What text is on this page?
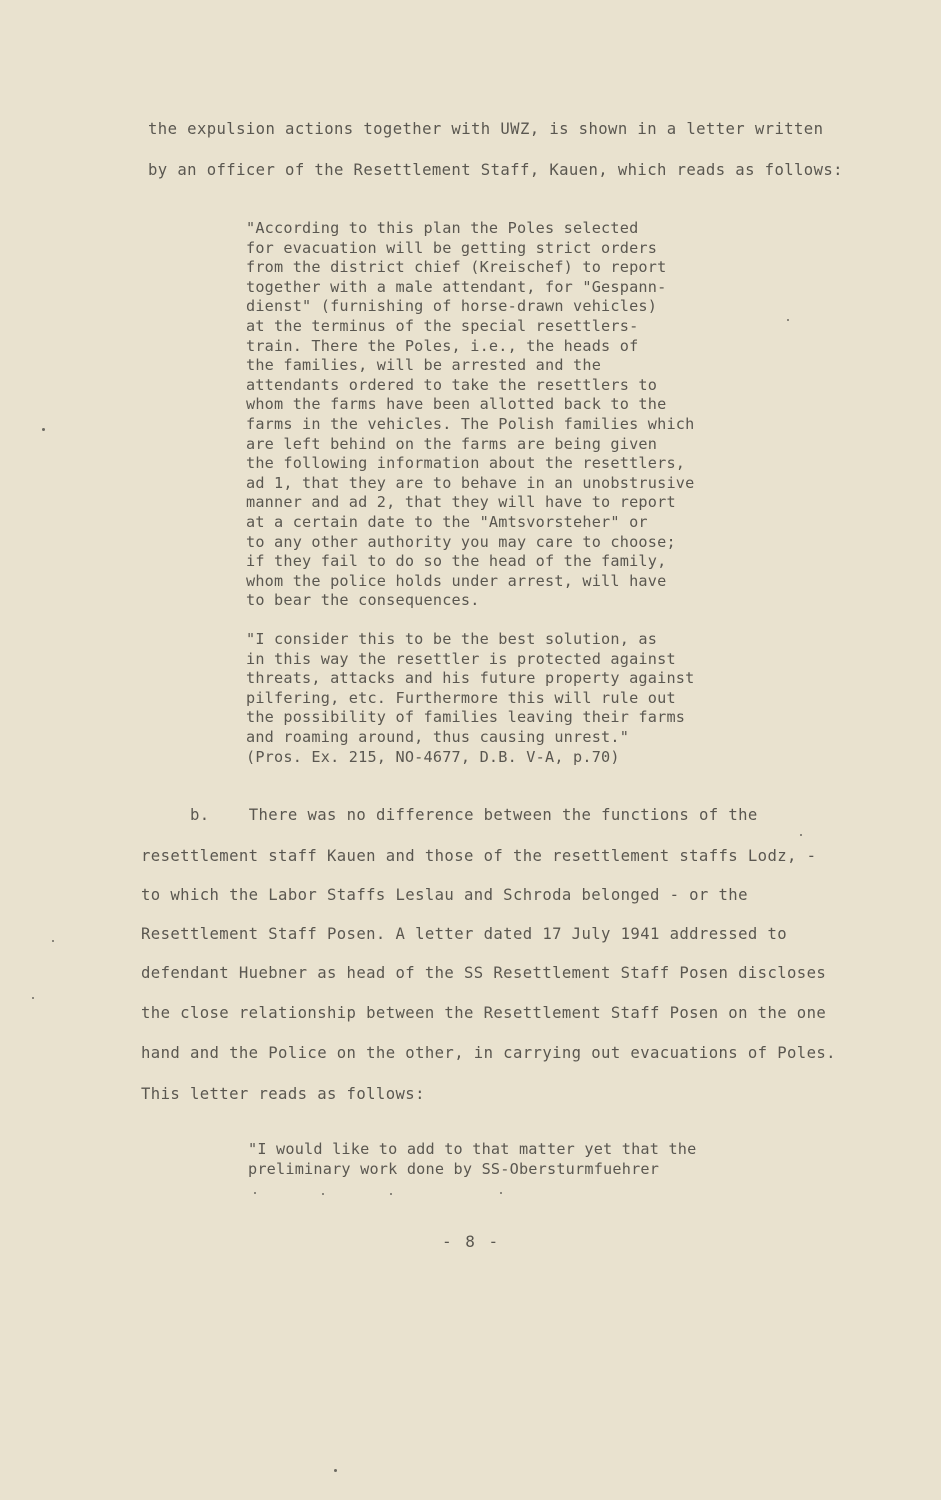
the expulsion actions together with UWZ, is shown in a letter written
by an officer of the Resettlement Staff, Kauen, which reads as follows:
"According to this plan the Poles selected
for evacuation will be getting strict orders
from the district chief (Kreischef) to report
together with a male attendant, for "Gespann-
dienst" (furnishing of horse-drawn vehicles)
at the terminus of the special resettlers-
train. There the Poles, i.e., the heads of
the families, will be arrested and the
attendants ordered to take the resettlers to
whom the farms have been allotted back to the
farms in the vehicles. The Polish families which
are left behind on the farms are being given
the following information about the resettlers,
ad 1, that they are to behave in an unobstrusive
manner and ad 2, that they will have to report
at a certain date to the "Amtsvorsteher" or
to any other authority you may care to choose;
if they fail to do so the head of the family,
whom the police holds under arrest, will have
to bear the consequences.
"I consider this to be the best solution, as
in this way the resettler is protected against
threats, attacks and his future property against
pilfering, etc. Furthermore this will rule out
the possibility of families leaving their farms
and roaming around, thus causing unrest."
(Pros. Ex. 215, NO-4677, D.B. V-A, p.70)
b.    There was no difference between the functions of the
resettlement staff Kauen and those of the resettlement staffs Lodz, -
to which the Labor Staffs Leslau and Schroda belonged - or the
Resettlement Staff Posen. A letter dated 17 July 1941 addressed to
defendant Huebner as head of the SS Resettlement Staff Posen discloses
the close relationship between the Resettlement Staff Posen on the one
hand and the Police on the other, in carrying out evacuations of Poles.
This letter reads as follows:
"I would like to add to that matter yet that the
preliminary work done by SS-Obersturmfuehrer
- 8 -
